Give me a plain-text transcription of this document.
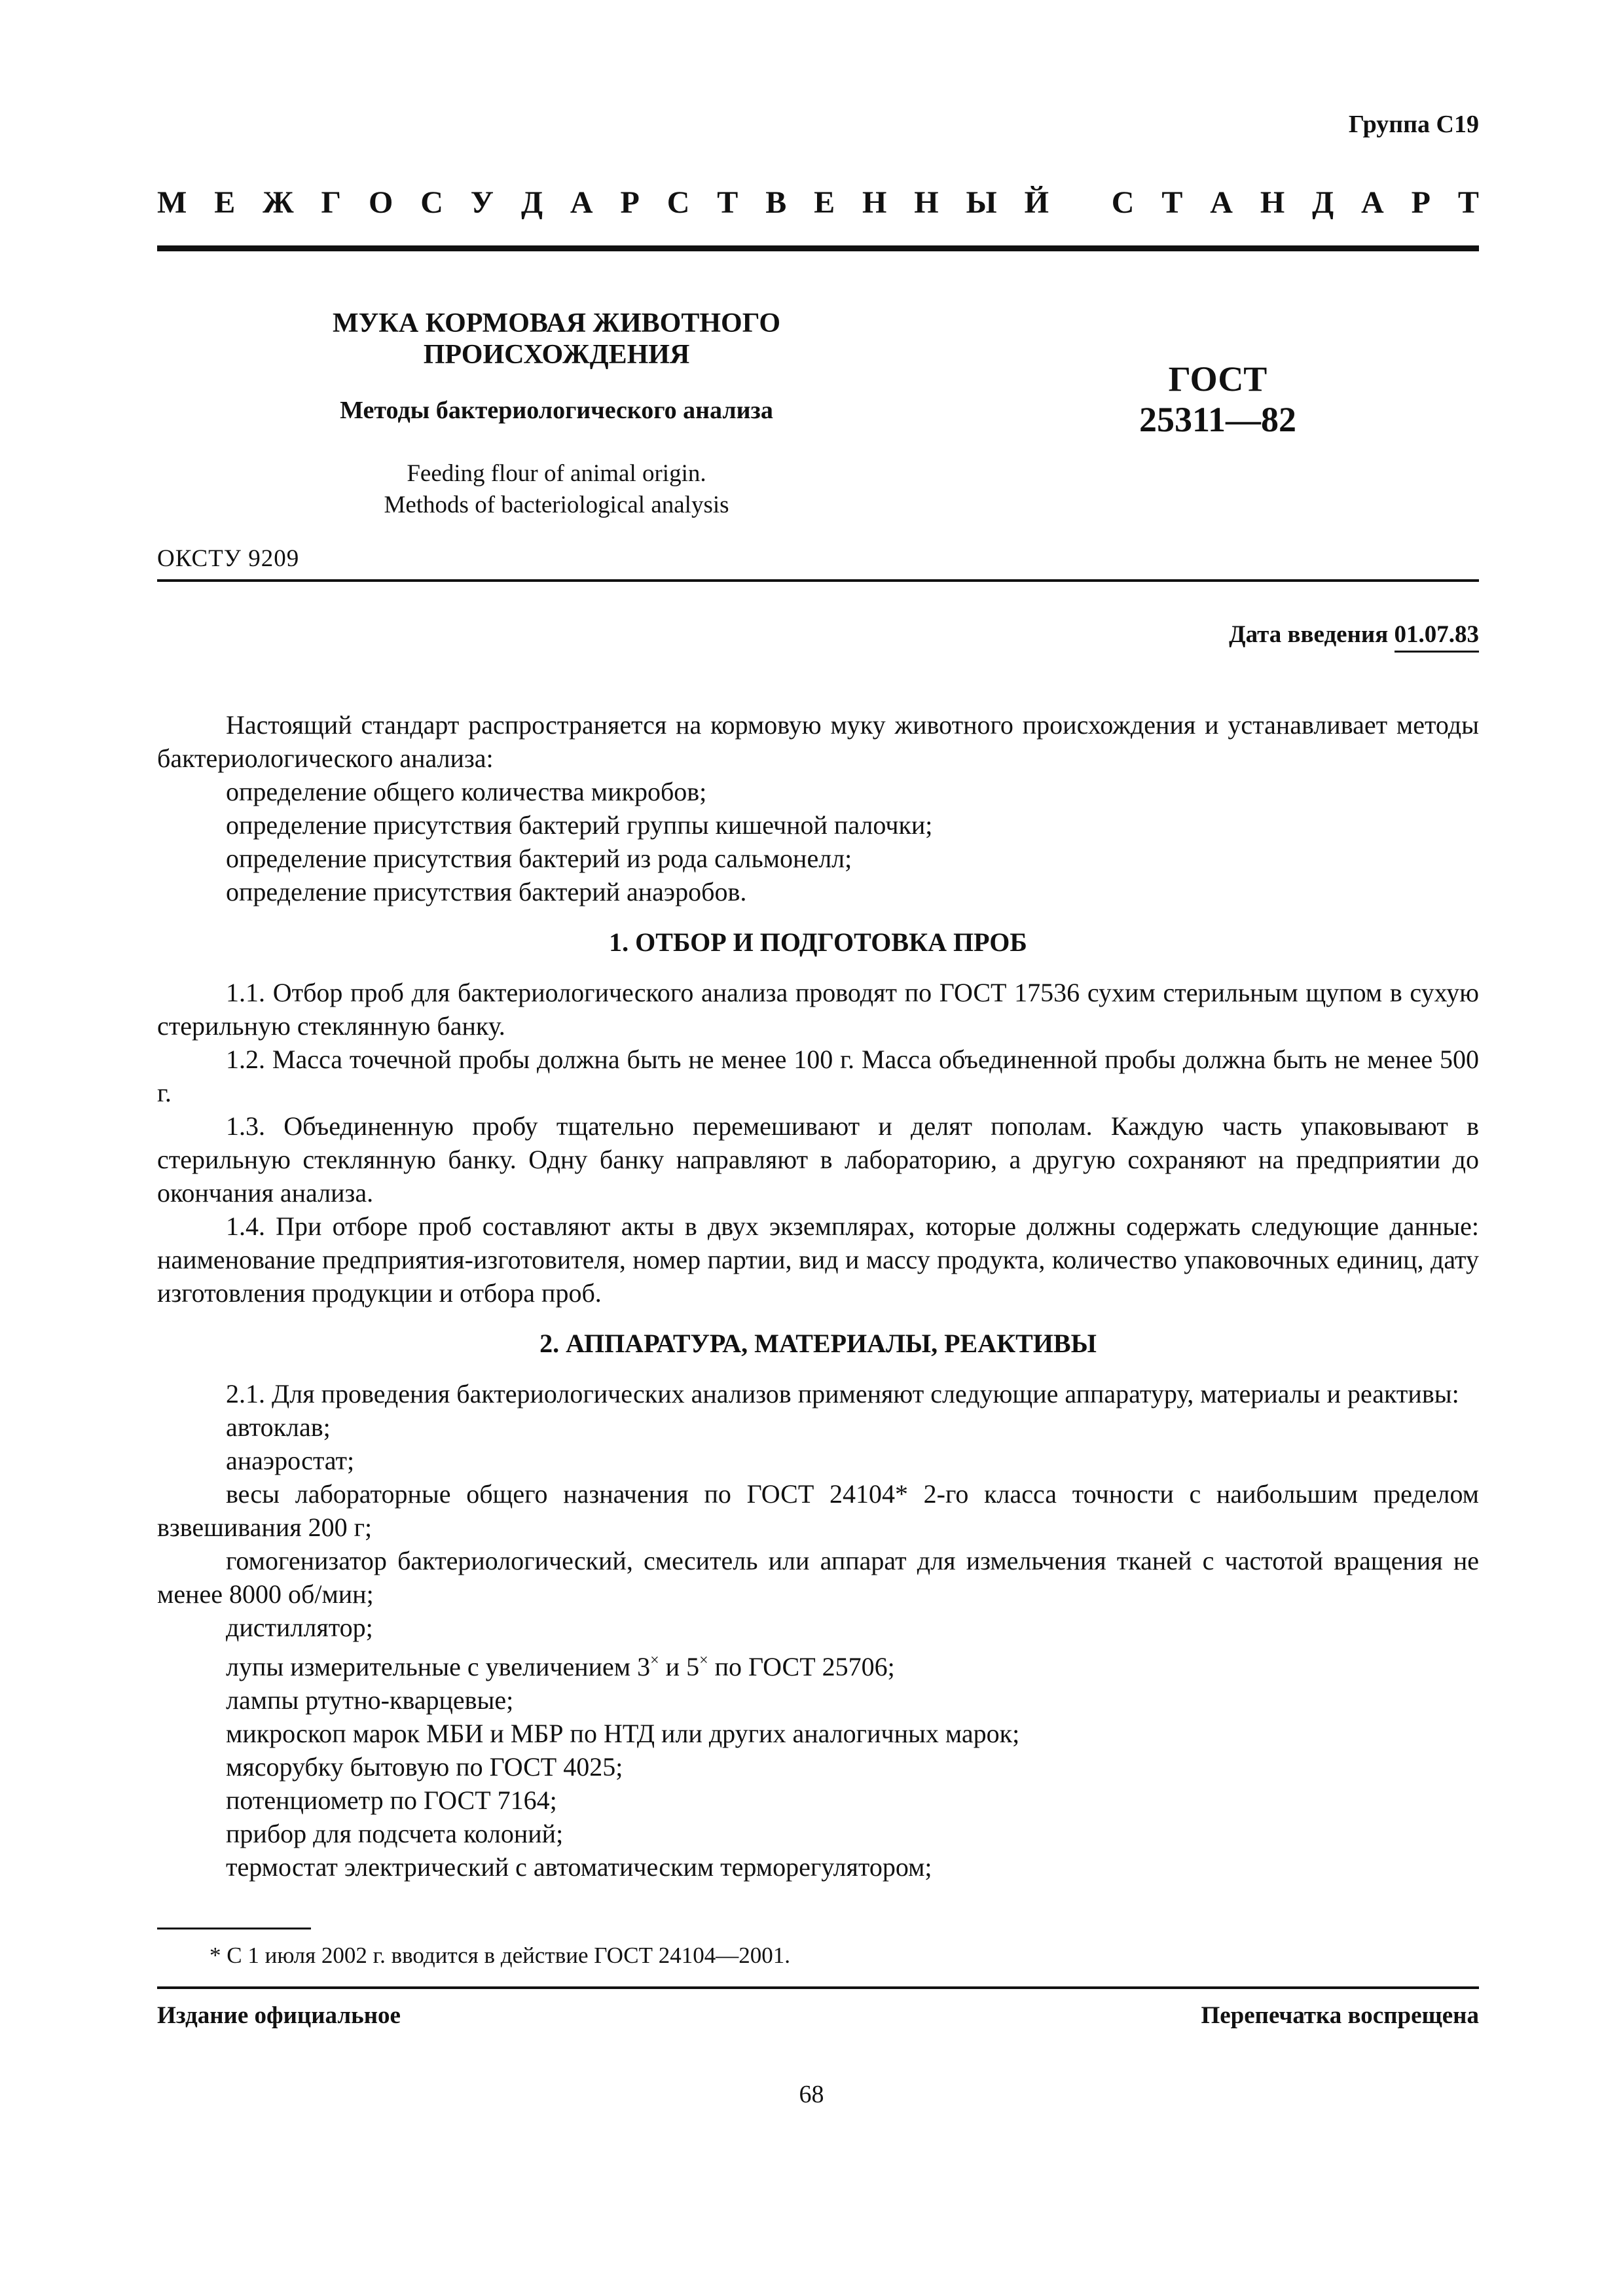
Группа С19
М Е Ж Г О С У Д А Р С Т В Е Н Н Ы Й
С Т А Н Д А Р Т
МУКА КОРМОВАЯ ЖИВОТНОГО
ПРОИСХОЖДЕНИЯ
Методы бактериологического анализа
Feeding flour of animal origin.
Methods of bacteriological analysis
ГОСТ
25311—82
ОКСТУ 9209
Дата введения 01.07.83

Настоящий стандарт распространяется на кормовую муку животного происхождения и устанавливает методы бактериологического анализа:

определение общего количества микробов;

определение присутствия бактерий группы кишечной палочки;

определение присутствия бактерий из рода сальмонелл;

определение присутствия бактерий анаэробов.

1. ОТБОР И ПОДГОТОВКА ПРОБ

1.1. Отбор проб для бактериологического анализа проводят по ГОСТ 17536 сухим стерильным щупом в сухую стерильную стеклянную банку.

1.2. Масса точечной пробы должна быть не менее 100 г. Масса объединенной пробы должна быть не менее 500 г.

1.3. Объединенную пробу тщательно перемешивают и делят пополам. Каждую часть упаковывают в стерильную стеклянную банку. Одну банку направляют в лабораторию, а другую сохраняют на предприятии до окончания анализа.

1.4. При отборе проб составляют акты в двух экземплярах, которые должны содержать следующие данные: наименование предприятия-изготовителя, номер партии, вид и массу продукта, количество упаковочных единиц, дату изготовления продукции и отбора проб.

2. АППАРАТУРА, МАТЕРИАЛЫ, РЕАКТИВЫ

2.1. Для проведения бактериологических анализов применяют следующие аппаратуру, материалы и реактивы:

автоклав;

анаэростат;

весы лабораторные общего назначения по ГОСТ 24104* 2-го класса точности с наибольшим пределом взвешивания 200 г;

гомогенизатор бактериологический, смеситель или аппарат для измельчения тканей с частотой вращения не менее 8000 об/мин;

дистиллятор;

лупы измерительные с увеличением 3× и 5× по ГОСТ 25706;

лампы ртутно-кварцевые;

микроскоп марок МБИ и МБР по НТД или других аналогичных марок;

мясорубку бытовую по ГОСТ 4025;

потенциометр по ГОСТ 7164;

прибор для подсчета колоний;

термостат электрический с автоматическим терморегулятором;

* С 1 июля 2002 г. вводится в действие ГОСТ 24104—2001.
Издание официальное	Перепечатка воспрещена
68
